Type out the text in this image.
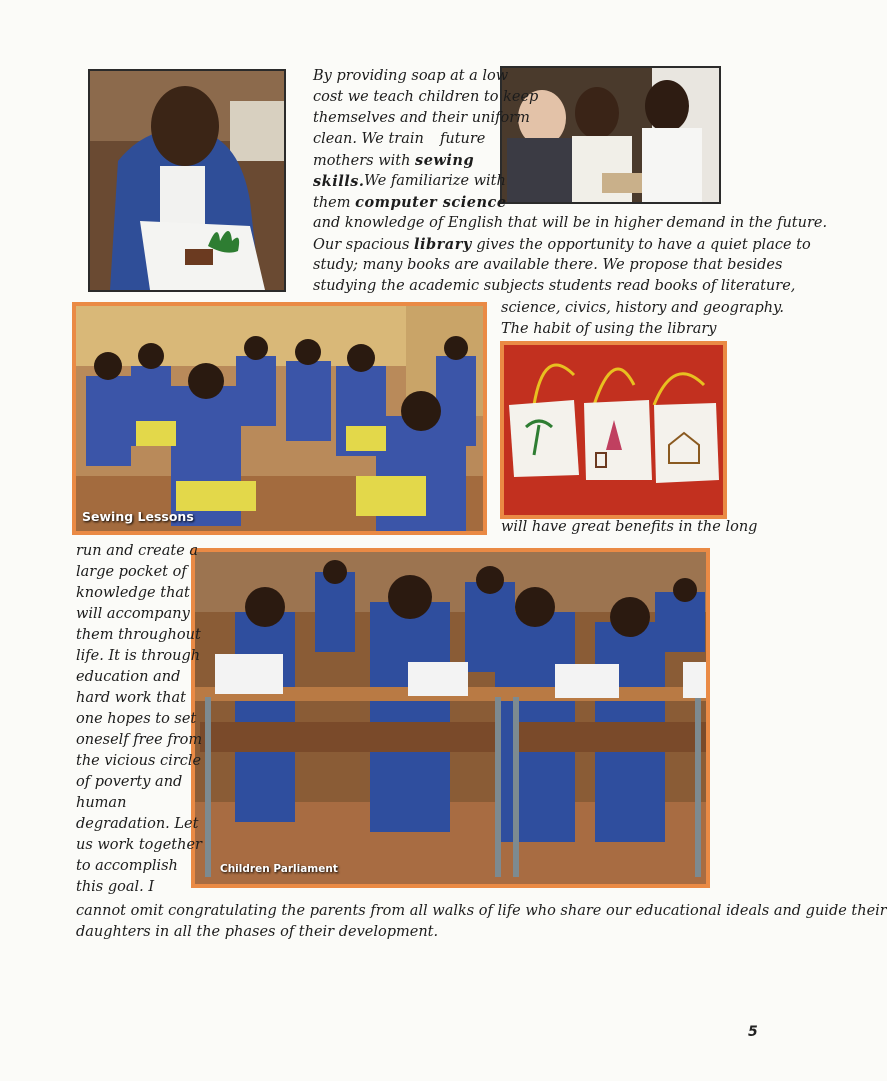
Sewing Lessons
Children Parliament
By providing soap at a low
cost we teach children to keep
themselves and their uniform
clean. We train future
mothers with sewing
skills. We familiarize with
them computer science
and knowledge of English that will be in higher demand in the future.
Our spacious library gives the opportunity to have a quiet place to
study; many books are available there. We propose that besides
studying the academic subjects students read books of literature,
science, civics, history and geography.
The habit of using the library
will have great benefits in the long
run and create a
large pocket of
knowledge that
will accompany
them throughout
life. It is through
education and
hard work that
one hopes to set
oneself free from
the vicious circle
of poverty and
human
degradation. Let
us work together
to accomplish
this goal. I
cannot omit congratulating the parents from all walks of life who share our educational ideals and guide their
daughters in all the phases of their development.
5
